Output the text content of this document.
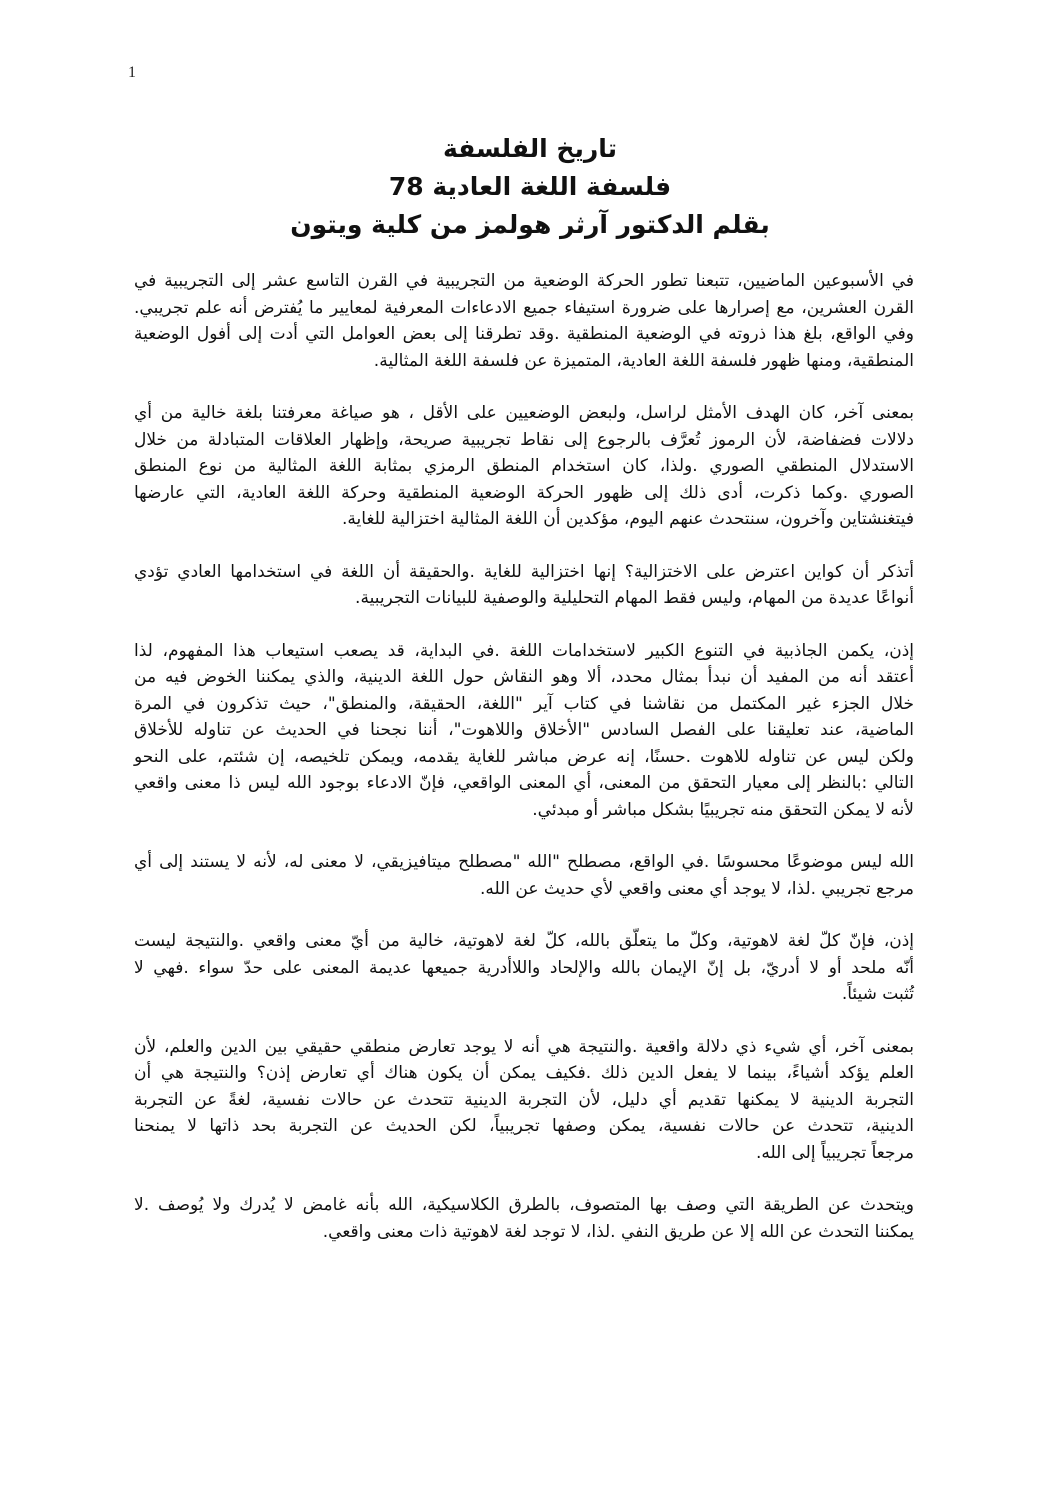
1
تاريخ الفلسفة
فلسفة اللغة العادية 78
بقلم الدكتور آرثر هولمز من كلية ويتون
في الأسبوعين الماضيين، تتبعنا تطور الحركة الوضعية من التجريبية في القرن التاسع عشر إلى التجريبية في
القرن العشرين، مع إصرارها على ضرورة استيفاء جميع الادعاءات المعرفية لمعايير ما يُفترض أنه علم تجريبي.
وفي الواقع، بلغ هذا ذروته في الوضعية المنطقية .وقد تطرقنا إلى بعض العوامل التي أدت إلى أفول الوضعية
المنطقية، ومنها ظهور فلسفة اللغة العادية، المتميزة عن فلسفة اللغة المثالية.
بمعنى آخر، كان الهدف الأمثل لراسل، ولبعض الوضعيين على الأقل ، هو صياغة معرفتنا بلغة خالية من أي
دلالات فضفاضة، لأن الرموز تُعرَّف بالرجوع إلى نقاط تجريبية صريحة، وإظهار العلاقات المتبادلة من خلال
الاستدلال المنطقي الصوري .ولذا، كان استخدام المنطق الرمزي بمثابة اللغة المثالية من نوع المنطق
الصوري .وكما ذكرت، أدى ذلك إلى ظهور الحركة الوضعية المنطقية وحركة اللغة العادية، التي عارضها
فيتغنشتاين وآخرون، سنتحدث عنهم اليوم، مؤكدين أن اللغة المثالية اختزالية للغاية.
أتذكر أن كواين اعترض على الاختزالية؟ إنها اختزالية للغاية .والحقيقة أن اللغة في استخدامها العادي تؤدي
أنواعًا عديدة من المهام، وليس فقط المهام التحليلية والوصفية للبيانات التجريبية.
إذن، يكمن الجاذبية في التنوع الكبير لاستخدامات اللغة .في البداية، قد يصعب استيعاب هذا المفهوم، لذا
أعتقد أنه من المفيد أن نبدأ بمثال محدد، ألا وهو النقاش حول اللغة الدينية، والذي يمكننا الخوض فيه من
خلال الجزء غير المكتمل من نقاشنا في كتاب آير "اللغة، الحقيقة، والمنطق"، حيث تذكرون في المرة
الماضية، عند تعليقنا على الفصل السادس "الأخلاق واللاهوت"، أننا نجحنا في الحديث عن تناوله للأخلاق
ولكن ليس عن تناوله للاهوت .حسنًا، إنه عرض مباشر للغاية يقدمه، ويمكن تلخيصه، إن شئتم، على النحو
التالي :بالنظر إلى معيار التحقق من المعنى، أي المعنى الواقعي، فإنّ الادعاء بوجود الله ليس ذا معنى واقعي
لأنه لا يمكن التحقق منه تجريبيًا بشكل مباشر أو مبدئي.
الله ليس موضوعًا محسوسًا .في الواقع، مصطلح "الله "مصطلح ميتافيزيقي، لا معنى له، لأنه لا يستند إلى أي
مرجع تجريبي .لذا، لا يوجد أي معنى واقعي لأي حديث عن الله.
إذن، فإنّ كلّ لغة لاهوتية، وكلّ ما يتعلّق بالله، كلّ لغة لاهوتية، خالية من أيّ معنى واقعي .والنتيجة ليست
أنّه ملحد أو لا أدريّ، بل إنّ الإيمان بالله والإلحاد واللاأدرية جميعها عديمة المعنى على حدّ سواء .فهي لا
تُثبت شيئاً.
بمعنى آخر، أي شيء ذي دلالة واقعية .والنتيجة هي أنه لا يوجد تعارض منطقي حقيقي بين الدين والعلم، لأن
العلم يؤكد أشياءً، بينما لا يفعل الدين ذلك .فكيف يمكن أن يكون هناك أي تعارض إذن؟ والنتيجة هي أن
التجربة الدينية لا يمكنها تقديم أي دليل، لأن التجربة الدينية تتحدث عن حالات نفسية، لغةً عن التجربة
الدينية، تتحدث عن حالات نفسية، يمكن وصفها تجريبياً، لكن الحديث عن التجربة بحد ذاتها لا يمنحنا
مرجعاً تجريبياً إلى الله.
ويتحدث عن الطريقة التي وصف بها المتصوف، بالطرق الكلاسيكية، الله بأنه غامض لا يُدرك ولا يُوصف .لا
يمكننا التحدث عن الله إلا عن طريق النفي .لذا، لا توجد لغة لاهوتية ذات معنى واقعي.
